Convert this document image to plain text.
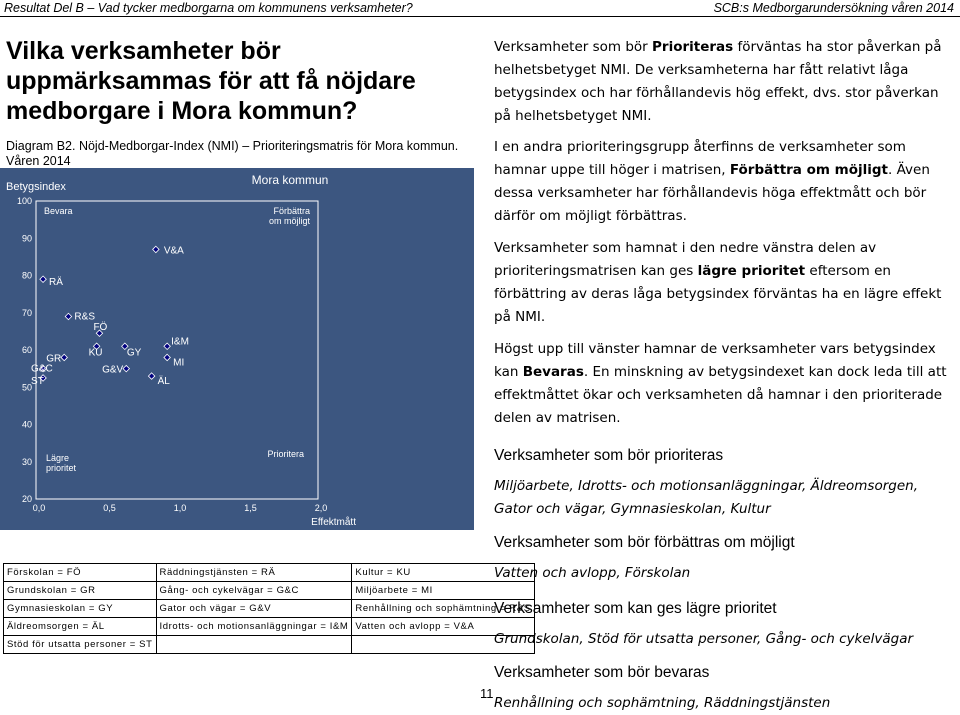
Resultat Del B – Vad tycker medborgarna om kommunens verksamheter?	SCB:s Medborgarundersökning våren 2014
Vilka verksamheter bör uppmärksammas för att få nöjdare medborgare i Mora kommun?
Diagram B2. Nöjd-Medborgar-Index (NMI) – Prioriteringsmatris för Mora kommun.
Våren 2014
Mora kommun
Betygsindex
Effektmått
20
30
40
50
60
70
80
90
100
0,0	0,5	1,0	1,5	2,0
Bevara	Förbättra
om möjligt
Lägre
prioritet
Prioritera
V&A
RÄ
R&S
FÖ
KU GY
I&M
MI
GR
G&C
ST
G&V
ÄL
Förskolan = FÖ	Räddningstjänsten = RÄ	Kultur = KU
Grundskolan = GR	Gång- och cykelvägar = G&C	Miljöarbete = MI
Gymnasieskolan = GY	Gator och vägar = G&V	Renhållning och sophämtning = R&S
Äldreomsorgen = ÄL	Idrotts- och motionsanläggningar = I&M	Vatten och avlopp = V&A
Stöd för utsatta personer = ST		

Verksamheter som bör Prioriteras förväntas ha stor påverkan på helhetsbetyget NMI. De verksamheterna har fått relativt låga betygsindex och har förhållandevis hög effekt, dvs. stor påverkan på helhetsbetyget NMI.

I en andra prioriteringsgrupp återfinns de verksamheter som hamnar uppe till höger i matrisen, Förbättra om möjligt. Även dessa verksamheter har förhållandevis höga effektmått och bör därför om möjligt förbättras.

Verksamheter som hamnat i den nedre vänstra delen av prioriteringsmatrisen kan ges lägre prioritet eftersom en förbättring av deras låga betygsindex förväntas ha en lägre effekt på NMI.

Högst upp till vänster hamnar de verksamheter vars betygsindex kan Bevaras. En minskning av betygsindexet kan dock leda till att effektmåttet ökar och verksamheten då hamnar i den prioriterade delen av matrisen.

Verksamheter som bör prioriteras

Miljöarbete, Idrotts- och motionsanläggningar, Äldreomsorgen, Gator och vägar, Gymnasieskolan, Kultur

Verksamheter som bör förbättras om möjligt

Vatten och avlopp, Förskolan

Verksamheter som kan ges lägre prioritet

Grundskolan, Stöd för utsatta personer, Gång- och cykelvägar

Verksamheter som bör bevaras

Renhållning och sophämtning, Räddningstjänsten

11
